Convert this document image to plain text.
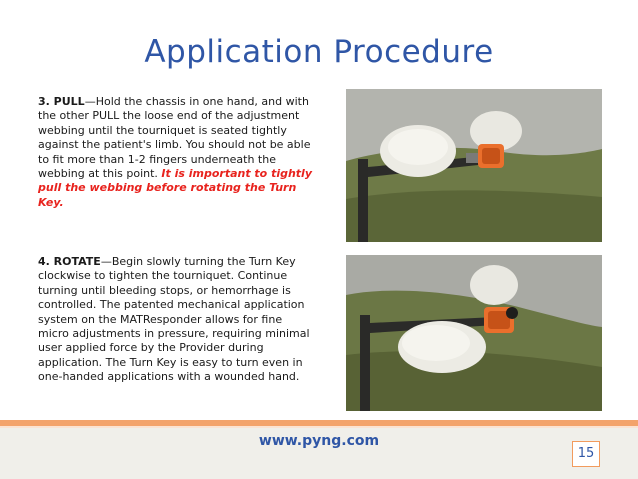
Application Procedure
3. PULL—Hold the chassis in one hand, and with the other PULL the loose end of the adjustment webbing until the tourniquet is seated tightly against the patient's limb. You should not be able to fit more than 1-2 fingers underneath the webbing at this point. It is important to tightly pull the webbing before rotating the Turn Key.
4. ROTATE—Begin slowly turning the Turn Key clockwise to tighten the tourniquet. Continue turning until bleeding stops, or hemorrhage is controlled. The patented mechanical application system on the MATResponder allows for fine micro adjustments in pressure, requiring minimal user applied force by the Provider during application. The Turn Key is easy to turn even in one-handed applications with a wounded hand.
www.pyng.com
15
